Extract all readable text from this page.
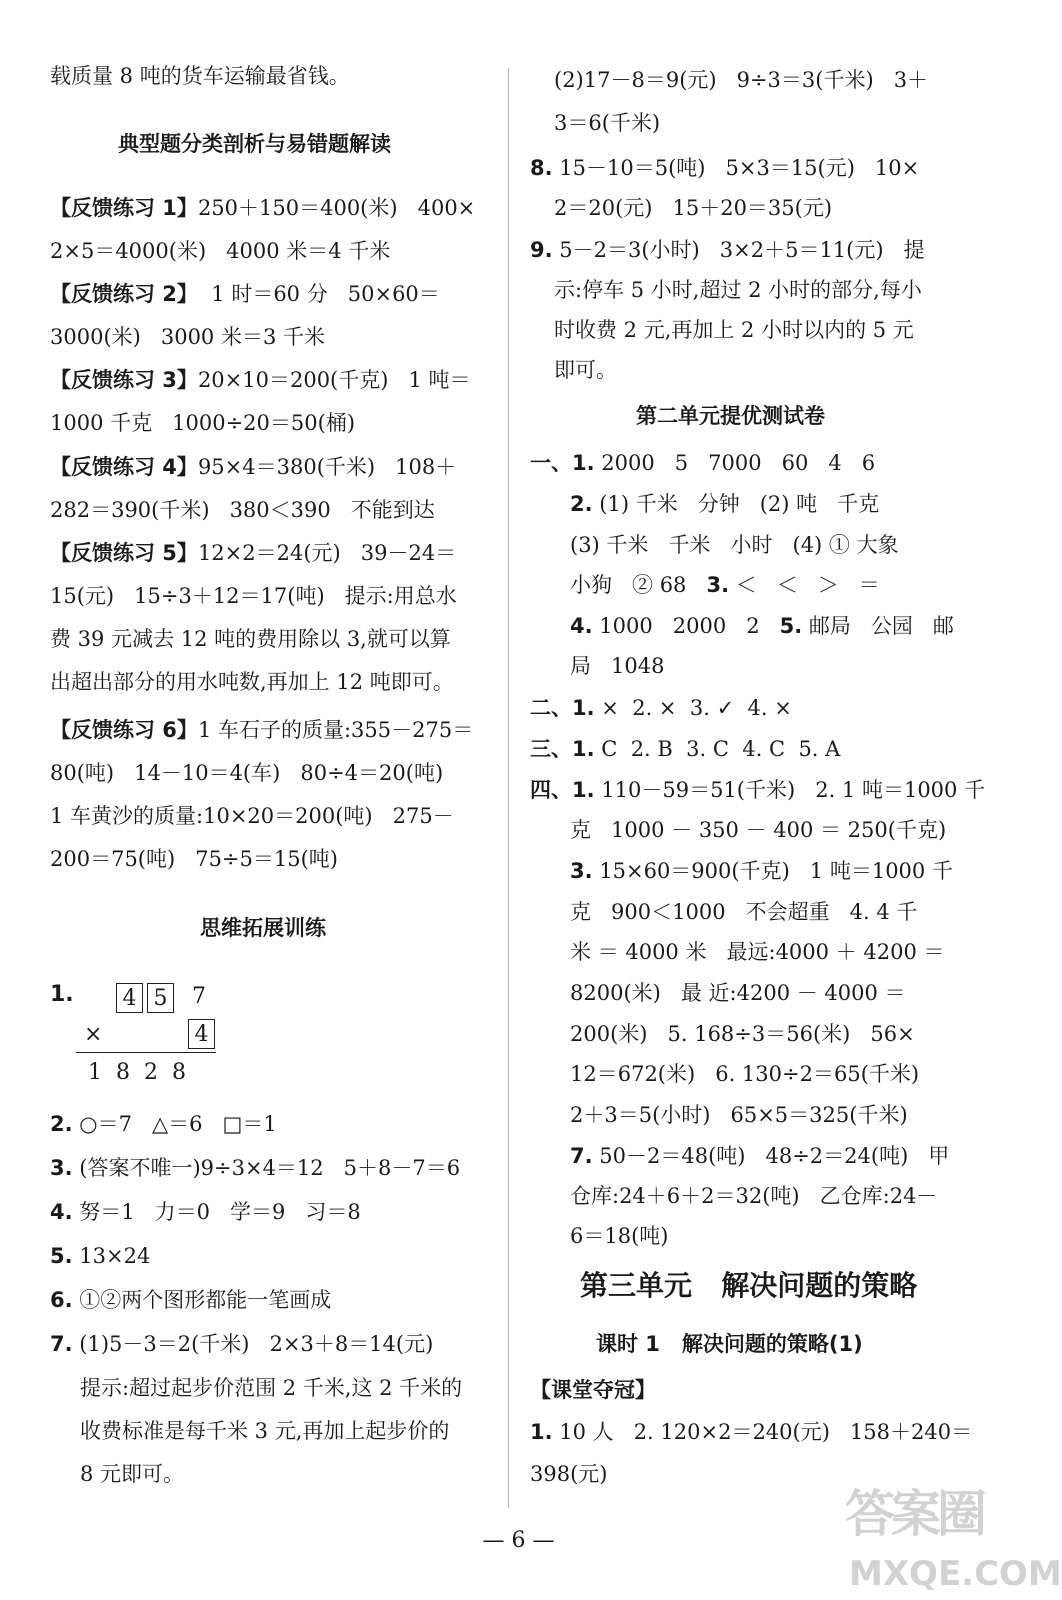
载质量 8 吨的货车运输最省钱。
典型题分类剖析与易错题解读
【反馈练习 1】250＋150＝400(米)   400×
2×5＝4000(米)   4000 米＝4 千米
【反馈练习 2】  1 时＝60 分   50×60＝
3000(米)   3000 米＝3 千米
【反馈练习 3】20×10＝200(千克)   1 吨＝
1000 千克   1000÷20＝50(桶)
【反馈练习 4】95×4＝380(千米)   108＋
282＝390(千米)   380＜390   不能到达
【反馈练习 5】12×2＝24(元)   39－24＝
15(元)   15÷3＋12＝17(吨)   提示:用总水
费 39 元减去 12 吨的费用除以 3,就可以算
出超出部分的用水吨数,再加上 12 吨即可。
【反馈练习 6】1 车石子的质量:355－275＝
80(吨)   14－10＝4(车)   80÷4＝20(吨)
1 车黄沙的质量:10×20＝200(吨)   275－
200＝75(吨)   75÷5＝15(吨)
思维拓展训练
1. 4 5 7
×	4
1  8  2  8
2. ○＝7   △＝6   □＝1
3. (答案不唯一)9÷3×4＝12   5＋8－7＝6
4. 努＝1   力＝0   学＝9   习＝8
5. 13×24
6. ①②两个图形都能一笔画成
7. (1)5－3＝2(千米)   2×3＋8＝14(元)
提示:超过起步价范围 2 千米,这 2 千米的
收费标准是每千米 3 元,再加上起步价的
8 元即可。
(2)17－8＝9(元)   9÷3＝3(千米)   3＋
3＝6(千米)
8. 15－10＝5(吨)   5×3＝15(元)   10×
2＝20(元)   15＋20＝35(元)
9. 5－2＝3(小时)   3×2＋5＝11(元)   提
示:停车 5 小时,超过 2 小时的部分,每小
时收费 2 元,再加上 2 小时以内的 5 元
即可。
第二单元提优测试卷
一、1. 2000   5   7000   60   4   6
2. (1) 千米   分钟   (2) 吨   千克
(3) 千米   千米   小时   (4) ① 大象
小狗   ② 68   3. ＜   ＜   ＞   ＝
4. 1000   2000   2   5. 邮局   公园   邮
局   1048
二、1. ×  2. ×  3. ✓  4. ×
三、1. C  2. B  3. C  4. C  5. A
四、1. 110－59＝51(千米)   2. 1 吨＝1000 千
克   1000 － 350 － 400 ＝ 250(千克)
3. 15×60＝900(千克)   1 吨＝1000 千
克   900＜1000   不会超重   4. 4 千
米 ＝ 4000 米   最远:4000 ＋ 4200 ＝
8200(米)   最 近:4200 － 4000 ＝
200(米)   5. 168÷3＝56(米)   56×
12＝672(米)   6. 130÷2＝65(千米)
2＋3＝5(小时)   65×5＝325(千米)
7. 50－2＝48(吨)   48÷2＝24(吨)   甲
仓库:24＋6＋2＝32(吨)   乙仓库:24－
6＝18(吨)
第三单元   解决问题的策略
课时 1   解决问题的策略(1)
【课堂夺冠】
1. 10 人   2. 120×2＝240(元)   158＋240＝
398(元)
— 6 —	答案圈
MXQE.COM
